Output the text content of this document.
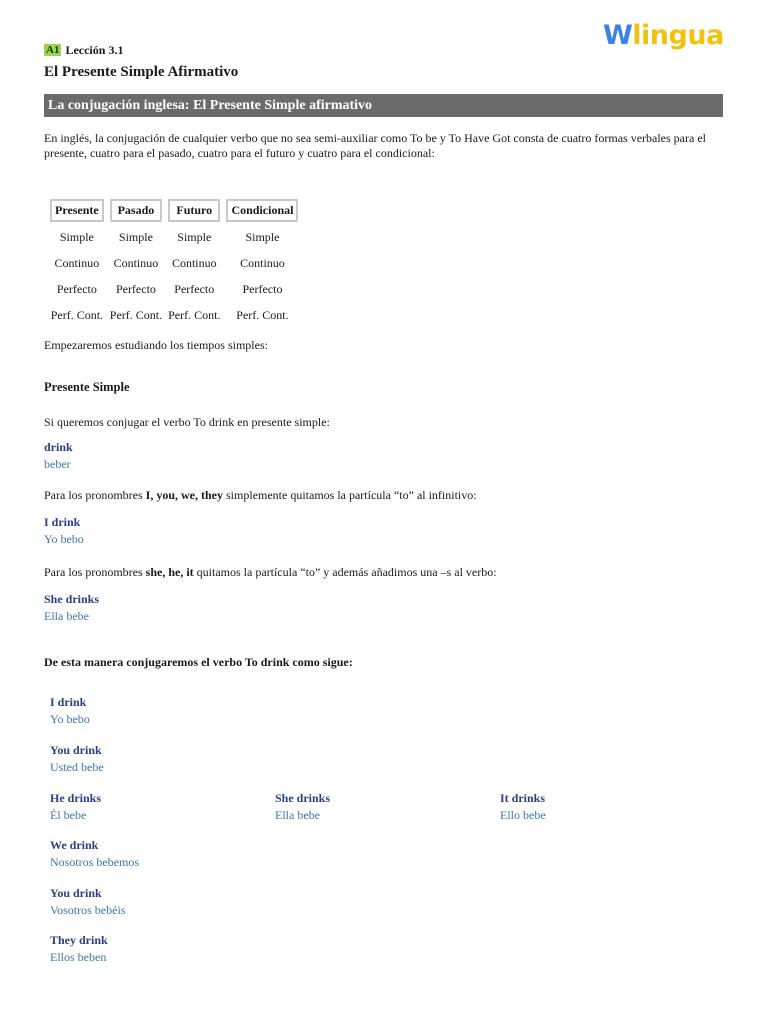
A1 Lección 3.1
El Presente Simple Afirmativo
Wlingua
La conjugación inglesa: El Presente Simple afirmativo
En inglés, la conjugación de cualquier verbo que no sea semi-auxiliar como To be y To Have Got consta de cuatro formas verbales para el presente, cuatro para el pasado, cuatro para el futuro y cuatro para el condicional:
Presente	Pasado	Futuro	Condicional
Simple	Simple	Simple	Simple
Continuo	Continuo	Continuo	Continuo
Perfecto	Perfecto	Perfecto	Perfecto
Perf. Cont.	Perf. Cont.	Perf. Cont.	Perf. Cont.
Empezaremos estudiando los tiempos simples:
Presente Simple
Si queremos conjugar el verbo To drink en presente simple:
drink
beber
Para los pronombres I, you, we, they simplemente quitamos la partícula “to” al infinitivo:
I drink
Yo bebo
Para los pronombres she, he, it quitamos la partícula “to” y además añadimos una –s al verbo:
She drinks
Ella bebe
De esta manera conjugaremos el verbo To drink como sigue:
I drink
Yo bebo
You drink
Usted bebe
He drinks
Él bebe
She drinks
Ella bebe
It drinks
Ello bebe
We drink
Nosotros bebemos
You drink
Vosotros bebéis
They drink
Ellos beben
